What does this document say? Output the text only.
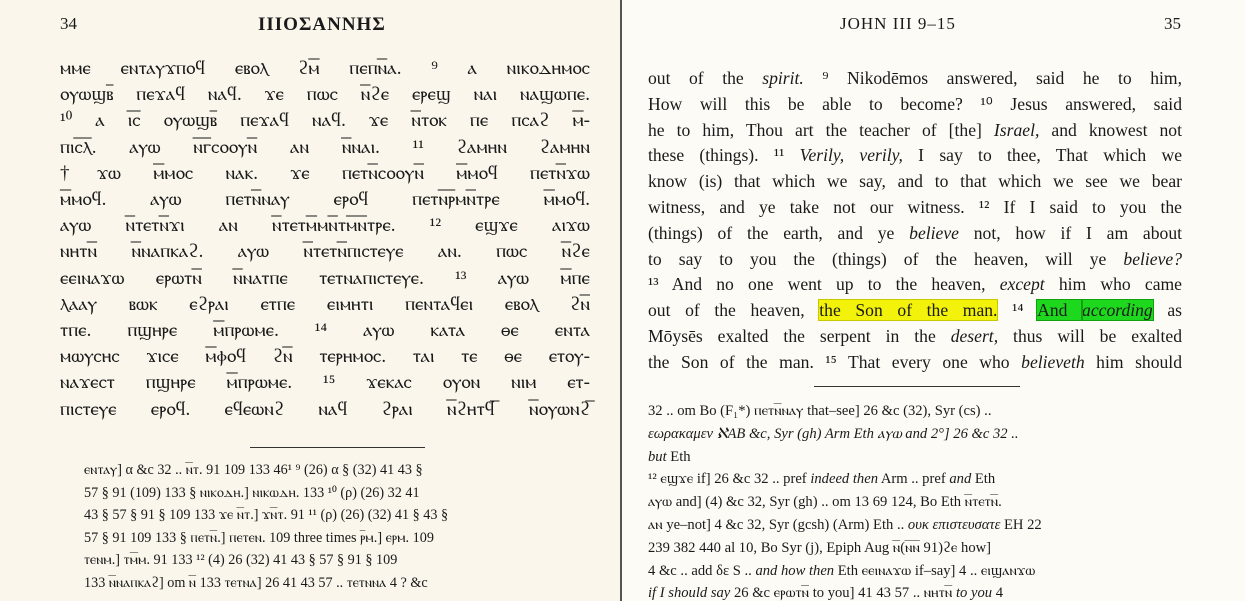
34	ΙΙΙΟΣΑΝΝΗΣ
ⲙⲙⲉ ⲉⲛⲧⲁⲩϫⲡⲟϥ ⲉⲃⲟⲗ ϩⲙ̅ ⲡⲉⲡⲛ̅ⲁ. ⁹ ⲁ ⲛⲓⲕⲟⲇⲏⲙⲟⲥ
ⲟⲩⲱϣⲃ̅ ⲡⲉϫⲁϥ ⲛⲁϥ. ϫⲉ ⲡⲱⲥ ⲛ̅ϩⲉ ⲉⲣⲉϣ ⲛⲁⲓ ⲛⲁϣⲱⲡⲉ.
¹⁰ ⲁ ⲓ̅ⲥ̅ ⲟⲩⲱϣⲃ̅ ⲡⲉϫⲁϥ ⲛⲁϥ. ϫⲉ ⲛ̅ⲧⲟⲕ ⲡⲉ ⲡⲥⲁϩ ⲙ̅-
ⲡⲓⲥ̅ⲗ̅. ⲁⲩⲱ ⲛ̅ⲅ̅ⲥⲟⲟⲩⲛ̅ ⲁⲛ ⲛ̅ⲛⲁⲓ. ¹¹ ϩⲁⲙⲏⲛ ϩⲁⲙⲏⲛ
†ϫⲱ ⲙ̅ⲙⲟⲥ ⲛⲁⲕ. ϫⲉ ⲡⲉⲧⲛ̅ⲥⲟⲟⲩⲛ̅ ⲙ̅ⲙⲟϥ ⲡⲉⲧⲛ̅ϫⲱ
ⲙ̅ⲙⲟϥ. ⲁⲩⲱ ⲡⲉⲧⲛ̅ⲛⲁⲩ ⲉⲣⲟϥ ⲡⲉⲧⲛ̅ⲣ̅ⲙⲛ̅ⲧⲣⲉ ⲙ̅ⲙⲟϥ.
ⲁⲩⲱ ⲛ̅ⲧⲉⲧⲛ̅ϫⲓ ⲁⲛ ⲛ̅ⲧⲉⲧⲙ̅ⲙⲛ̅ⲧⲙ̅ⲛ̅ⲧⲣⲉ. ¹² ⲉϣϫⲉ ⲁⲓϫⲱ
ⲛⲏⲧⲛ̅ ⲛ̅ⲛⲁⲡⲕⲁϩ. ⲁⲩⲱ ⲛ̅ⲧⲉⲧⲛ̅ⲡⲓⲥⲧⲉⲩⲉ ⲁⲛ. ⲡⲱⲥ ⲛ̅ϩⲉ
ⲉⲉⲓⲛⲁϫⲱ ⲉⲣⲱⲧⲛ̅ ⲛ̅ⲛⲁⲧⲡⲉ ⲧⲉⲧⲛⲁⲡⲓⲥⲧⲉⲩⲉ. ¹³ ⲁⲩⲱ ⲙ̅ⲡⲉ
ⲗⲁⲁⲩ ⲃⲱⲕ ⲉϩⲣⲁⲓ ⲉⲧⲡⲉ ⲉⲓⲙⲏⲧⲓ ⲡⲉⲛⲧⲁϥⲉⲓ ⲉⲃⲟⲗ ϩⲛ̅
ⲧⲡⲉ. ⲡϣⲏⲣⲉ ⲙ̅ⲡⲣⲱⲙⲉ. ¹⁴ ⲁⲩⲱ ⲕⲁⲧⲁ ⲑⲉ ⲉⲛⲧⲁ
ⲙⲱⲩⲥⲏⲥ ϫⲓⲥⲉ ⲙ̅ⲫⲟϥ ϩⲛ̅ ⲧⲉⲣⲏⲙⲟⲥ. ⲧⲁⲓ ⲧⲉ ⲑⲉ ⲉⲧⲟⲩ-
ⲛⲁϫⲉⲥⲧ ⲡϣⲏⲣⲉ ⲙ̅ⲡⲣⲱⲙⲉ. ¹⁵ ϫⲉⲕⲁⲥ ⲟⲩⲟⲛ ⲛⲓⲙ ⲉⲧ-
ⲡⲓⲥⲧⲉⲩⲉ ⲉⲣⲟϥ. ⲉϥⲉⲱⲛϩ ⲛⲁϥ ϩⲣⲁⲓ ⲛ̅ϩⲏⲧϥ̅ ⲛ̅ⲟⲩⲱⲛϩ̅
ⲉⲛⲧⲁⲩ] α &c 32 .. ⲛ̅ⲧ. 91 109 133 46¹ ⁹ (26) α § (32) 41 43 §
57 § 91 (109) 133 § ⲛⲓⲕⲟⲇⲏ.] ⲛⲓⲕⲱⲇⲏ. 133 ¹⁰ (ρ) (26) 32 41
43 § 57 § 91 § 109 133 ϫⲉ ⲛ̅ⲧ.] ϫⲛ̅ⲧ. 91 ¹¹ (ρ) (26) (32) 41 § 43 §
57 § 91 109 133 § ⲡⲉⲧⲛ̅.] ⲡⲉⲧⲉⲛ. 109 three times ⲣ̅ⲙ.] ⲉⲣⲙ. 109
ⲧⲉⲛⲙ.] ⲧⲙ̅ⲙ. 91 133 ¹² (4) 26 (32) 41 43 § 57 § 91 § 109
133 ⲛ̅ⲛⲁⲡⲕⲁϩ] om ⲛ̅ 133 ⲧⲉⲧⲛⲁ] 26 41 43 57 .. ⲧⲉⲧⲛⲛⲁ 4 ? &c
JOHN III 9–15	35
out of the spirit. ⁹ Nikodēmos answered, said he to him,
How will this be able to become? ¹⁰ Jesus answered, said
he to him, Thou art the teacher of [the] Israel, and knowest not
these (things). ¹¹ Verily, verily, I say to thee, That which we
know (is) that which we say, and to that which we see we bear
witness, and ye take not our witness. ¹² If I said to you the
(things) of the earth, and ye believe not, how if I am about
to say to you the (things) of the heaven, will ye believe?
¹³ And no one went up to the heaven, except him who came
out of the heaven, the Son of the man. ¹⁴ And according as
Mōysēs exalted the serpent in the desert, thus will be exalted
the Son of the man. ¹⁵ That every one who believeth him should
32 .. om Bo (F₁*) ⲡⲉⲧⲛ̅ⲛⲁⲩ that–see] 26 &c (32), Syr (cs) ..
εωρακαμεν ℵAB &c, Syr (gh) Arm Eth ⲁⲩⲱ and 2°] 26 &c 32 ..
but Eth
¹² ⲉϣϫⲉ if] 26 &c 32 .. pref indeed then Arm .. pref and Eth
ⲁⲩⲱ and] (4) &c 32, Syr (gh) .. om 13 69 124, Bo Eth ⲛ̅ⲧⲉⲧⲛ̅.
ⲁⲛ ye–not] 4 &c 32, Syr (gcsh) (Arm) Eth .. ουκ επιστευσατε EH 22
239 382 440 al 10, Bo Syr (j), Epiph Aug ⲛ̅(ⲛ̅ⲛ̅ 91)ϩⲉ how]
4 &c .. add δε S .. and how then Eth ⲉⲉⲓⲛⲁϫⲱ if–say] 4 .. ⲉⲓϣⲁⲛϫⲱ
if I should say 26 &c ⲉⲣⲱⲧⲛ̅ to you] 41 43 57 .. ⲛⲏⲧⲛ̅ to you 4
